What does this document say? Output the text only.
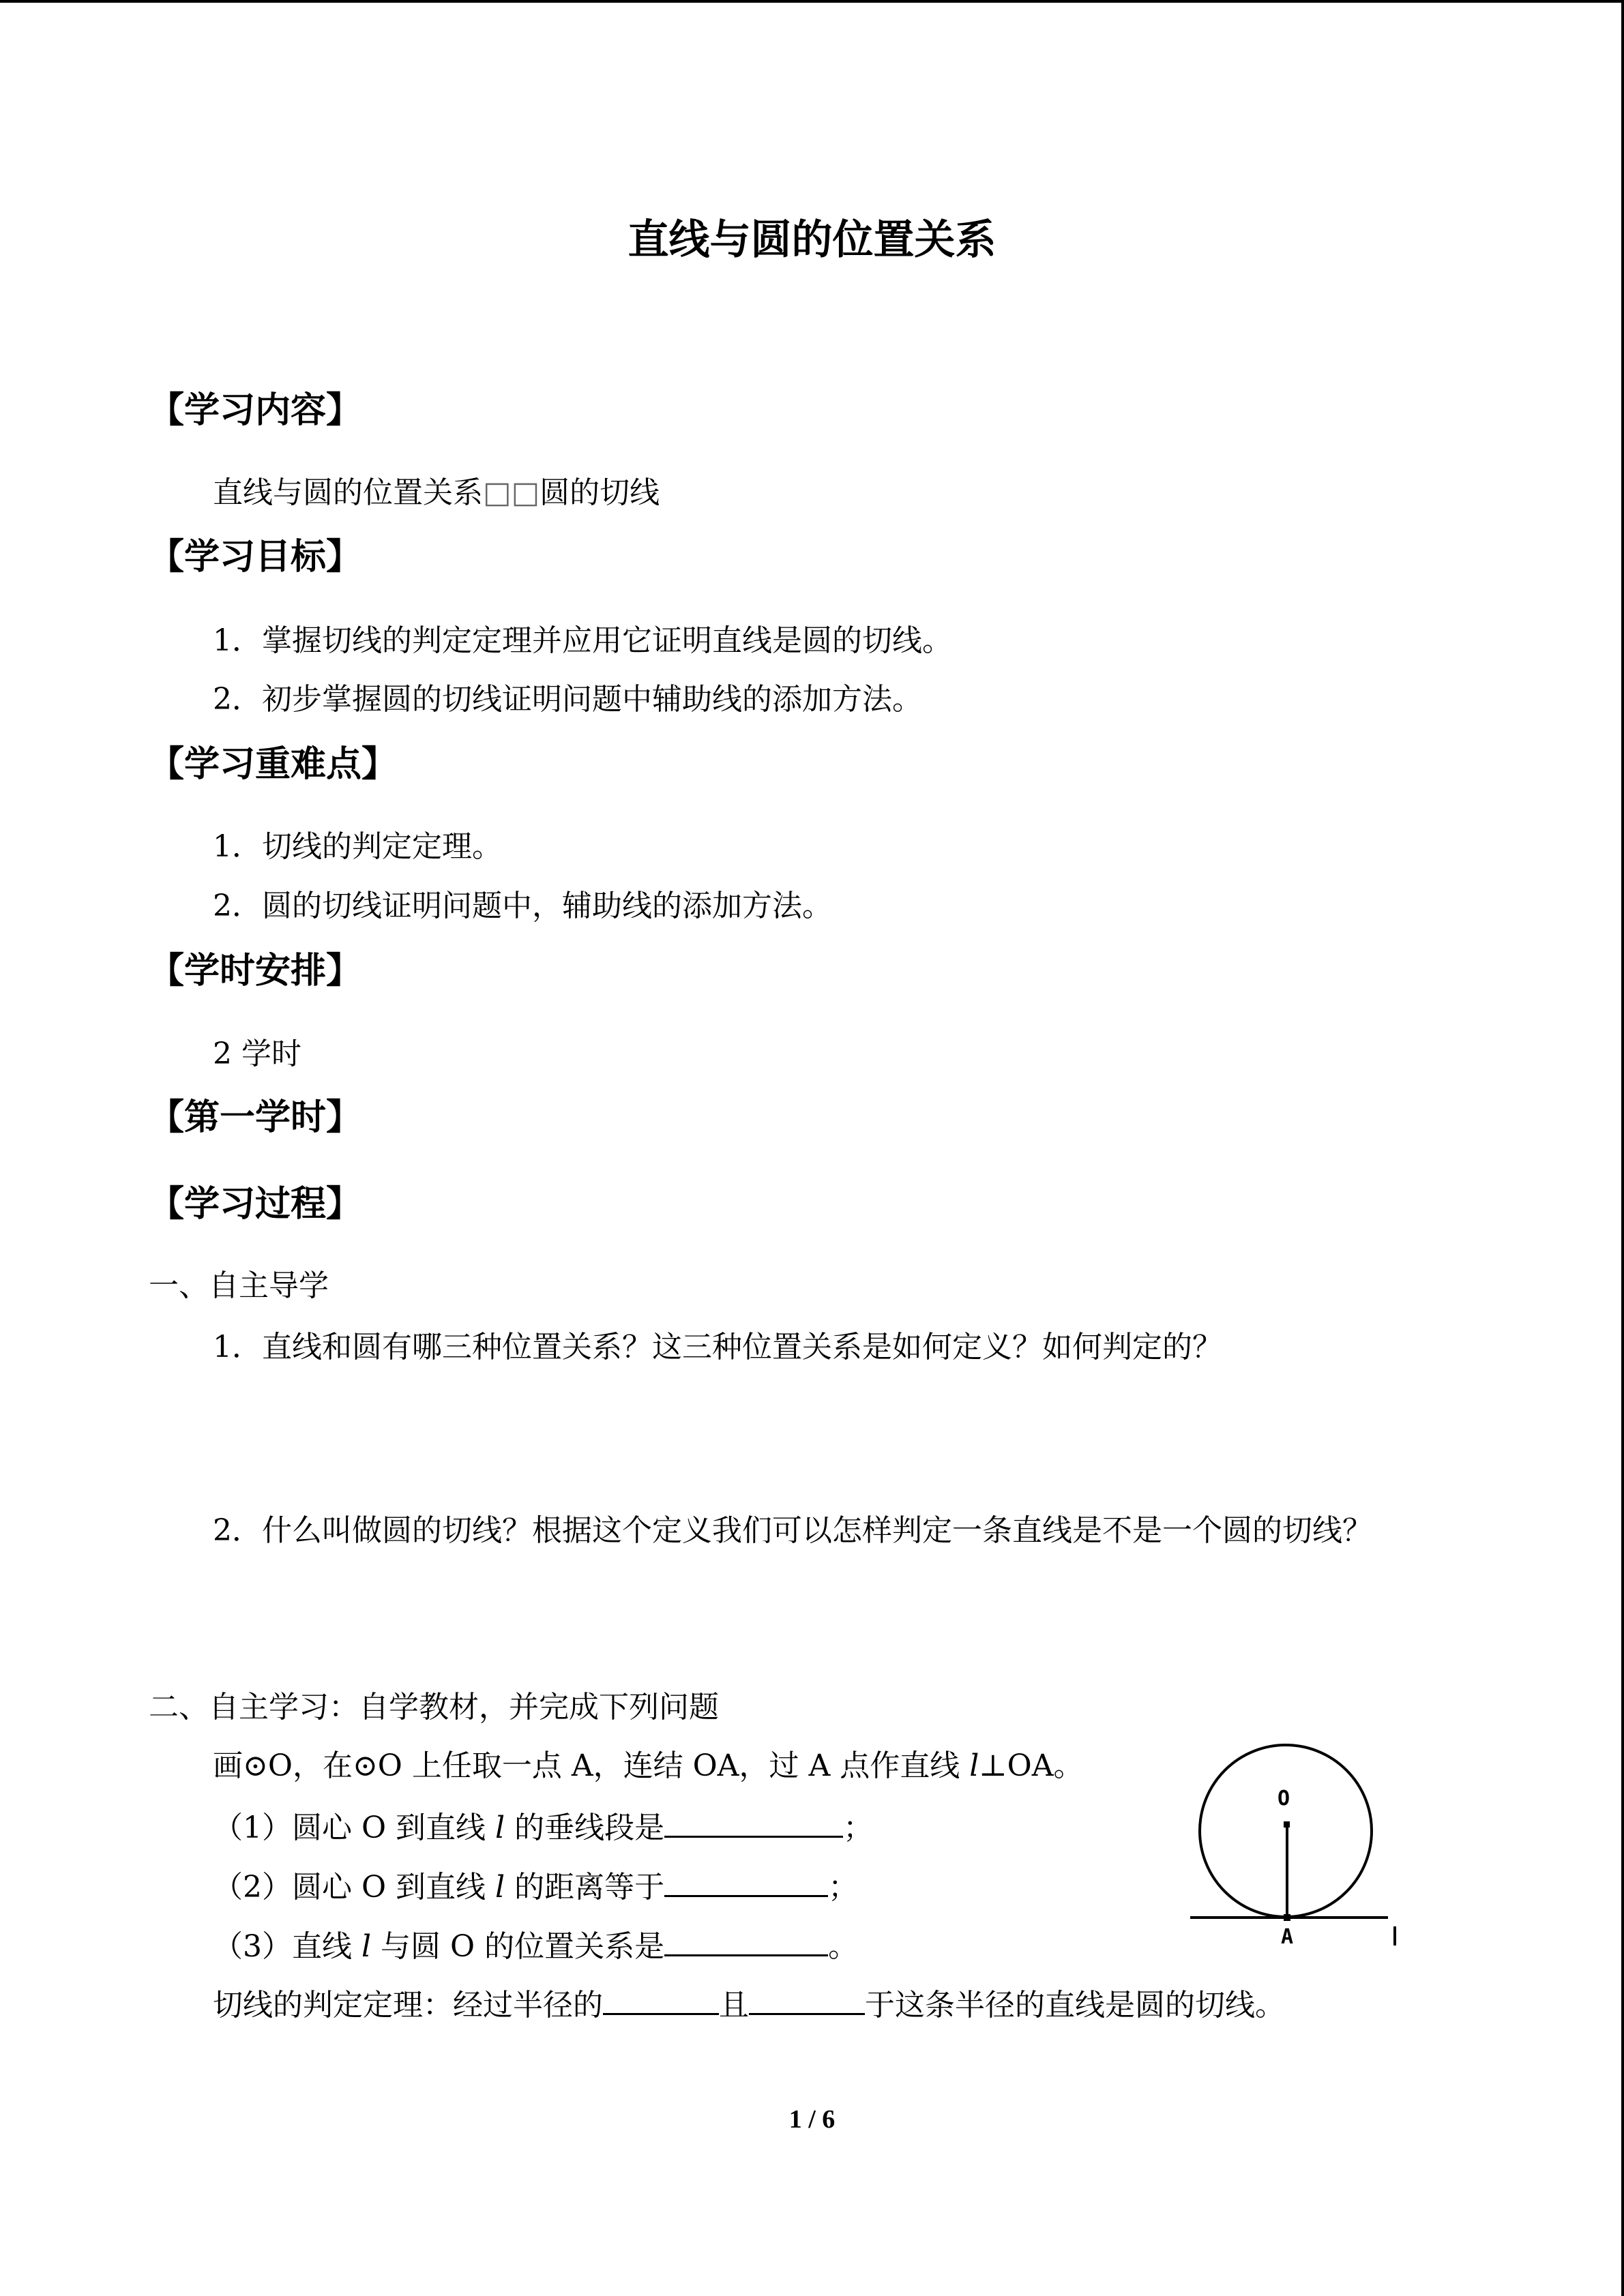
直线与圆的位置关系
【学习内容】
直线与圆的位置关系□□圆的切线
【学习目标】
1．掌握切线的判定定理并应用它证明直线是圆的切线。
2．初步掌握圆的切线证明问题中辅助线的添加方法。
【学习重难点】
1．切线的判定定理。
2．圆的切线证明问题中，辅助线的添加方法。
【学时安排】
2 学时
【第一学时】
【学习过程】
一、自主导学
1．直线和圆有哪三种位置关系？这三种位置关系是如何定义？如何判定的？
2．什么叫做圆的切线？根据这个定义我们可以怎样判定一条直线是不是一个圆的切线？
二、自主学习：自学教材，并完成下列问题
画⊙O，在⊙O 上任取一点 A，连结 OA，过 A 点作直线 l⊥OA。
（1）圆心 O 到直线 l 的垂线段是	；
（2）圆心 O 到直线 l 的距离等于	；
（3）直线 l 与圆 O 的位置关系是	。
切线的判定定理：经过半径的	且	于这条半径的直线是圆的切线。
O
A
1 / 6
